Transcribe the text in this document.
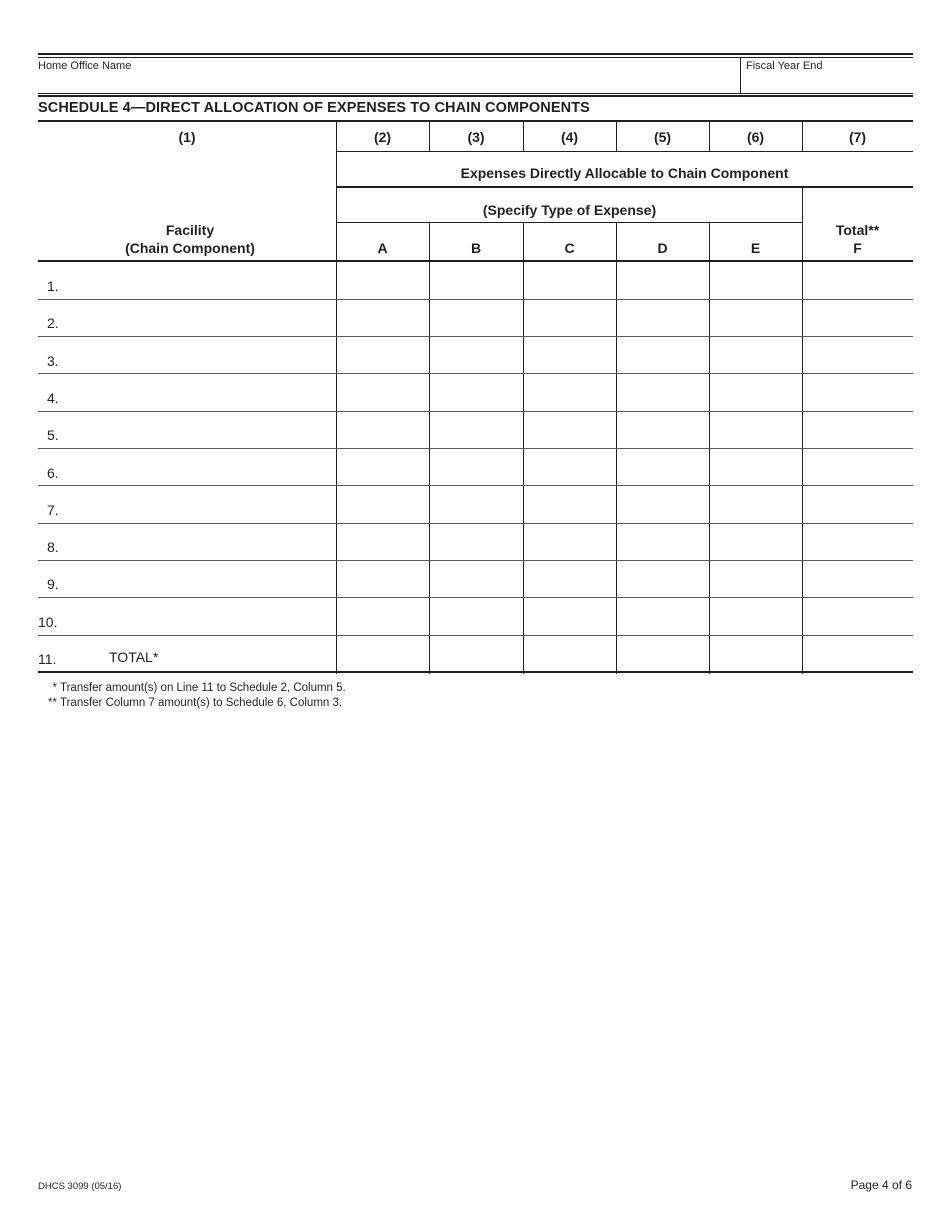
Home Office Name	Fiscal Year End
SCHEDULE 4—DIRECT ALLOCATION OF EXPENSES TO CHAIN COMPONENTS
(1)	(2)	(3)	(4)	(5)	(6)	(7)
Expenses Directly Allocable to Chain Component
(Specify Type of Expense)
Facility
(Chain Component)	A	B	C	D	E
Total**
F
1.
2.
3.
4.
5.
6.
7.
8.
9.
10.
11.	TOTAL*
* Transfer amount(s) on Line 11 to Schedule 2, Column 5.
** Transfer Column 7 amount(s) to Schedule 6, Column 3.
DHCS 3099 (05/16)	Page 4 of 6
